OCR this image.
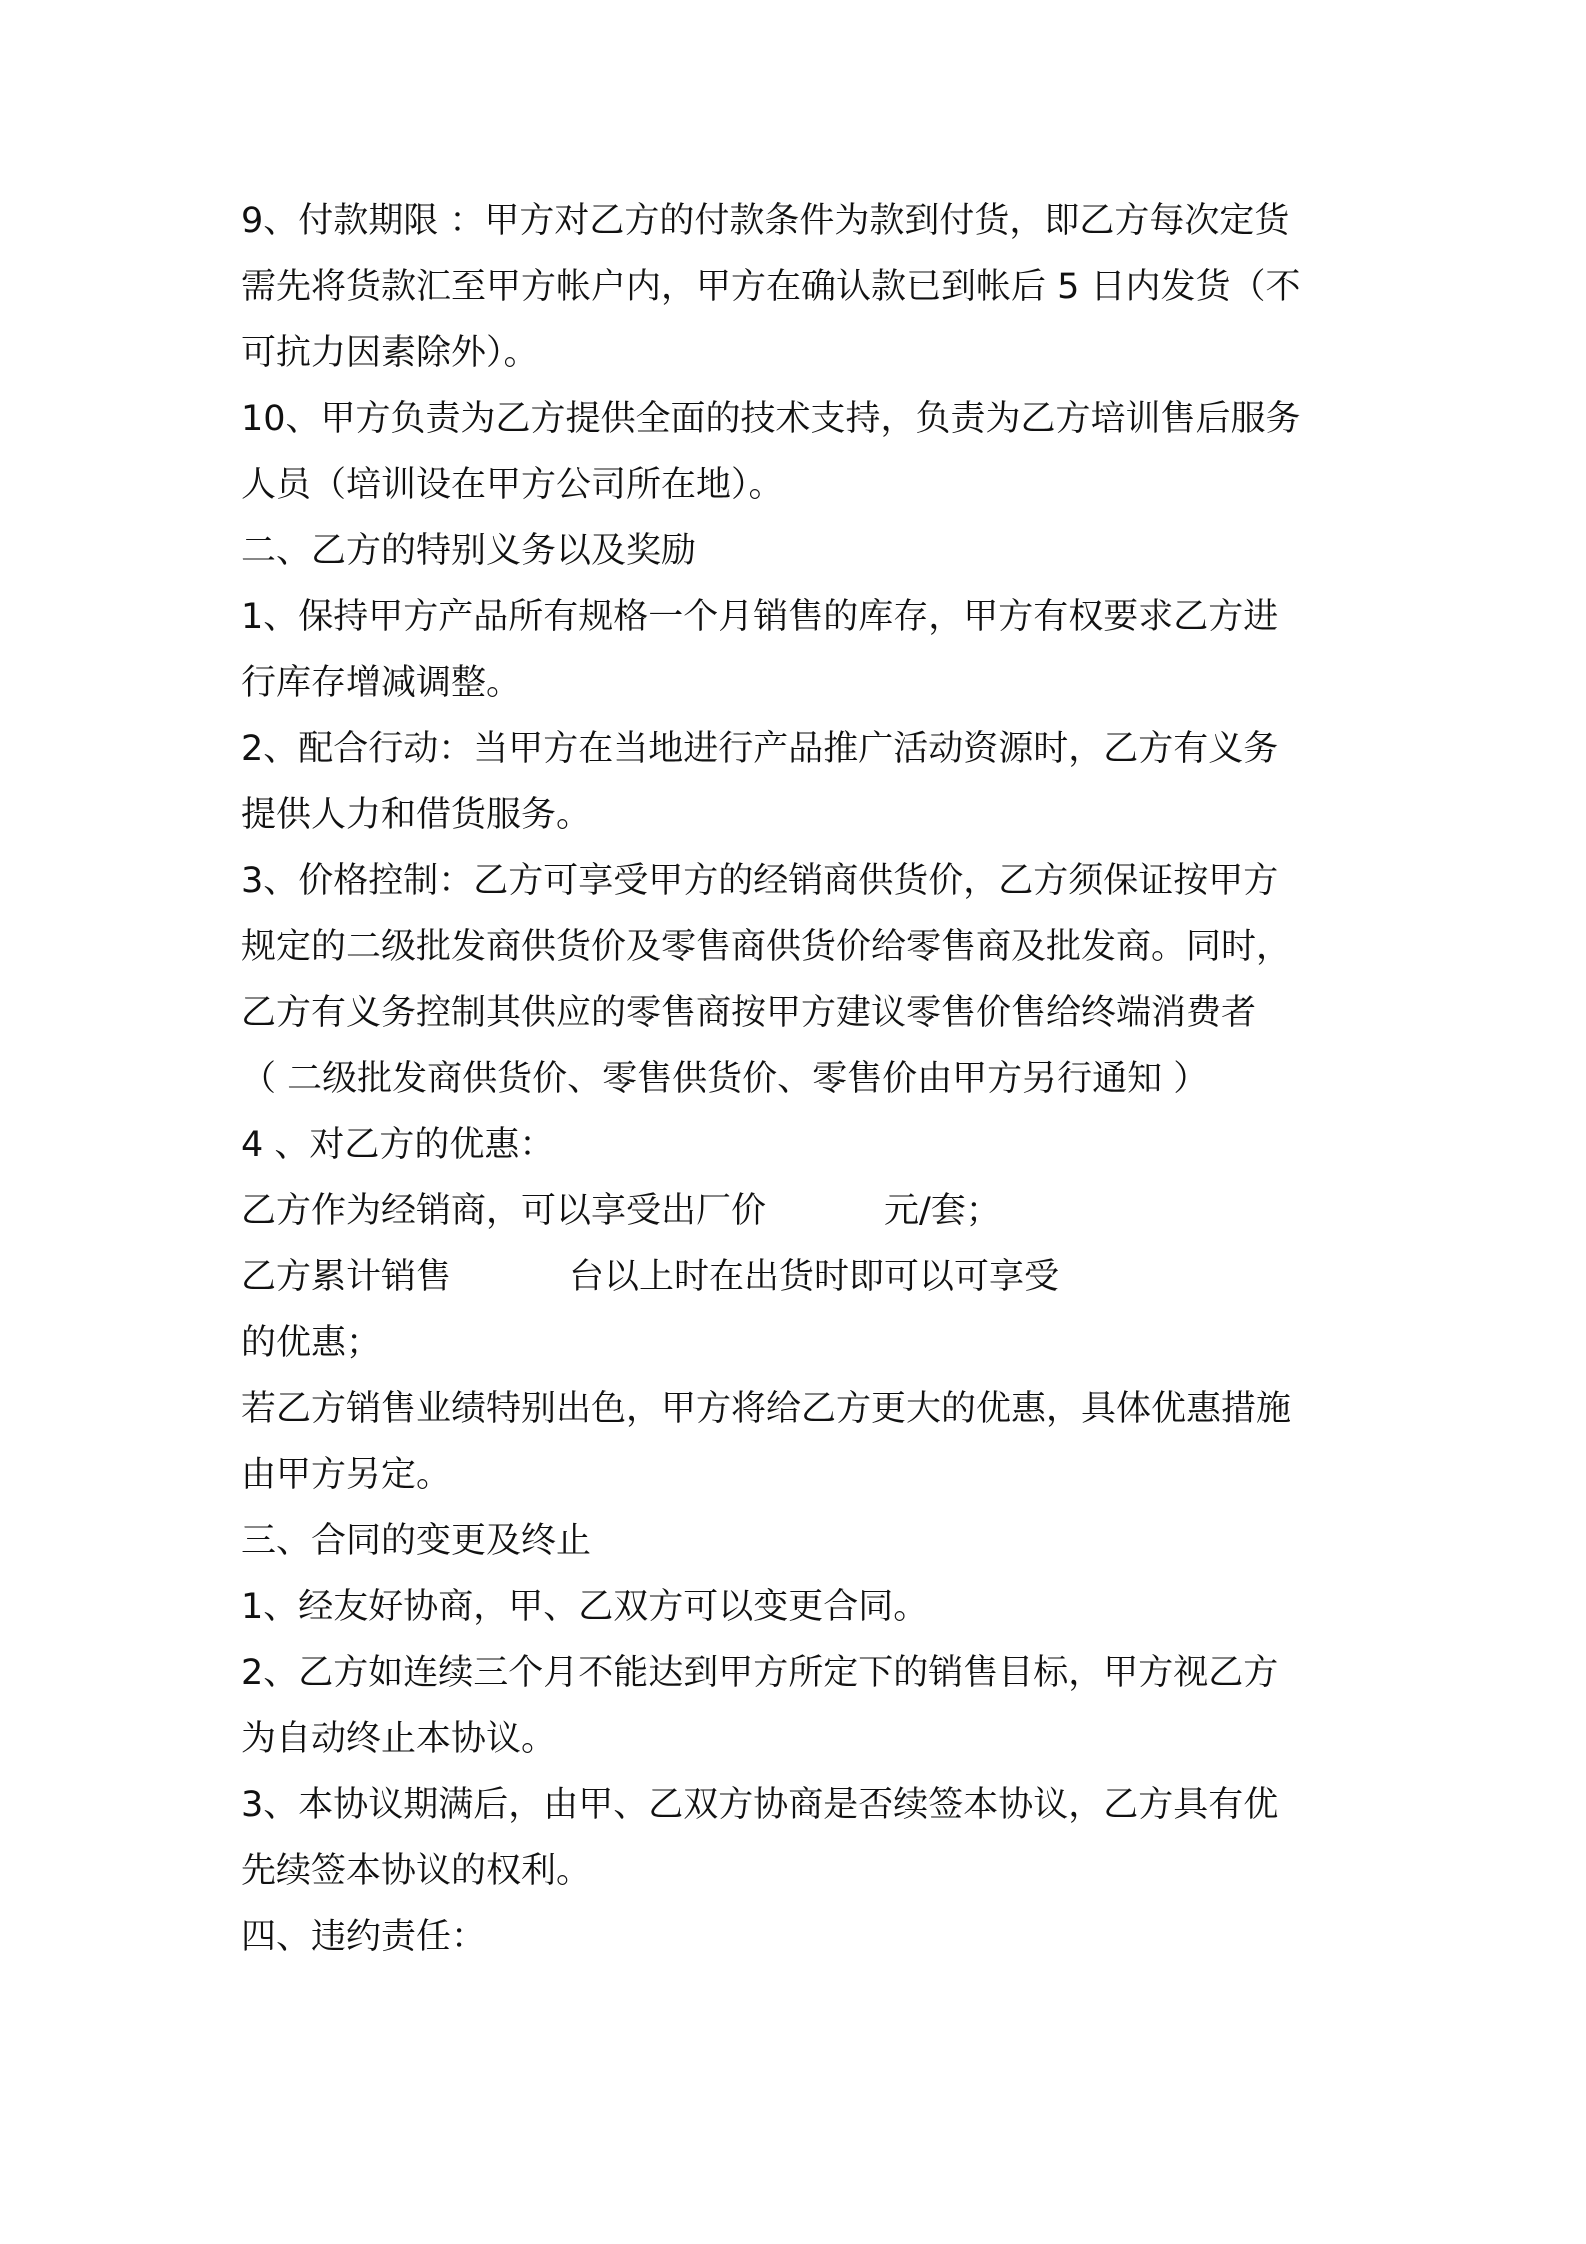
9、付款期限 ：甲方对乙方的付款条件为款到付货，即乙方每次定货

需先将货款汇至甲方帐户内，甲方在确认款已到帐后 5 日内发货（不

可抗力因素除外）。

10、甲方负责为乙方提供全面的技术支持，负责为乙方培训售后服务

人员（培训设在甲方公司所在地）。

二、乙方的特别义务以及奖励

1、保持甲方产品所有规格一个月销售的库存，甲方有权要求乙方进

行库存增减调整。

2、配合行动：当甲方在当地进行产品推广活动资源时，乙方有义务

提供人力和借货服务。

3、价格控制：乙方可享受甲方的经销商供货价，乙方须保证按甲方

规定的二级批发商供货价及零售商供货价给零售商及批发商。同时，

乙方有义务控制其供应的零售商按甲方建议零售价售给终端消费者

（ 二级批发商供货价、零售供货价、零售价由甲方另行通知 ）

4 、对乙方的优惠：

乙方作为经销商，可以享受出厂价	元/套；

乙方累计销售	台以上时在出货时即可以可享受

的优惠；

若乙方销售业绩特别出色，甲方将给乙方更大的优惠，具体优惠措施

由甲方另定。

三、合同的变更及终止

1、经友好协商，甲、乙双方可以变更合同。

2、乙方如连续三个月不能达到甲方所定下的销售目标，甲方视乙方

为自动终止本协议。

3、本协议期满后，由甲、乙双方协商是否续签本协议，乙方具有优

先续签本协议的权利。

四、违约责任：
